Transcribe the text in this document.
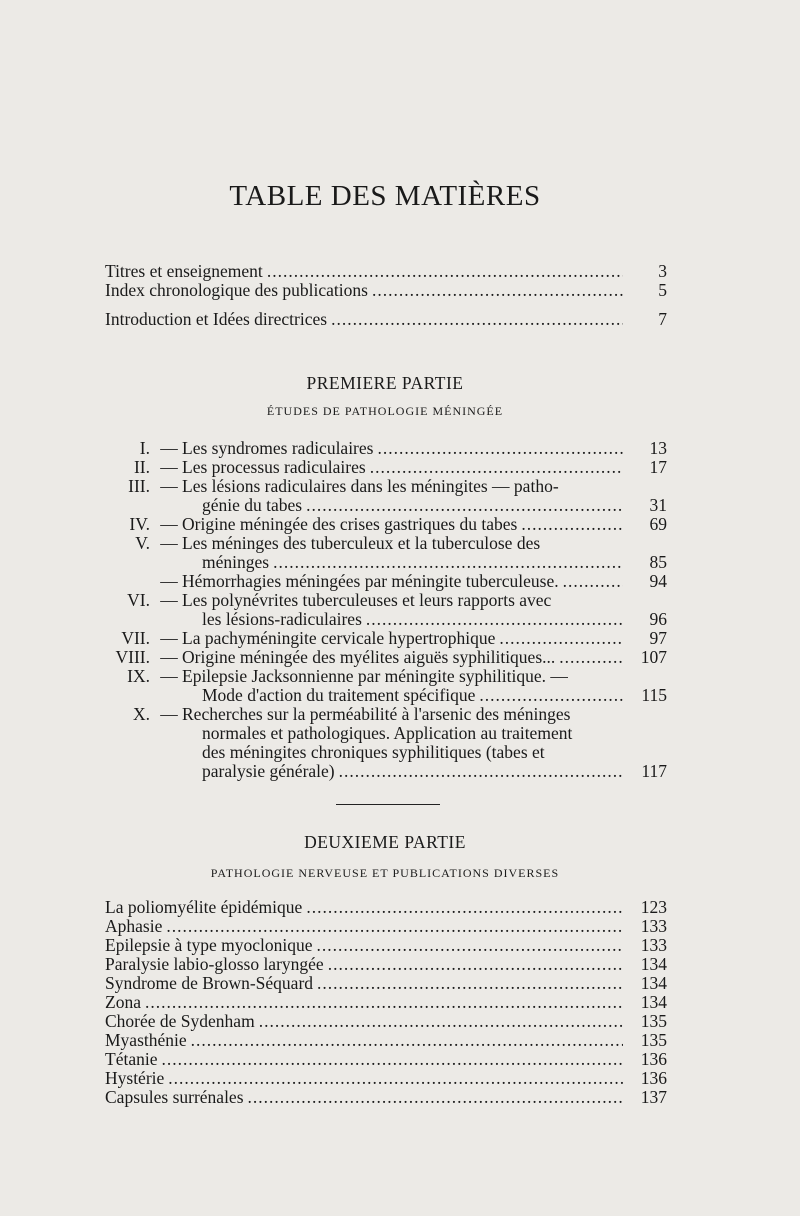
TABLE DES MATIÈRES
Titres et enseignement .....	3
Index chronologique des publications .....	5
Introduction et Idées directrices .....	7
PREMIERE PARTIE
ÉTUDES DE PATHOLOGIE MÉNINGÉE
I. — Les syndromes radiculaires .....	13
II. — Les processus radiculaires .....	17
III. — Les lésions radiculaires dans les méningites — patho-
génie du tabes .....	31
IV. — Origine méningée des crises gastriques du tabes .....	69
V. — Les méninges des tuberculeux et la tuberculose des
méninges .....	85
— Hémorrhagies méningées par méningite tuberculeuse. .....	94
VI. — Les polynévrites tuberculeuses et leurs rapports avec
les lésions-radiculaires .....	96
VII. — La pachyméningite cervicale hypertrophique .....	97
VIII. — Origine méningée des myélites aiguës syphilitiques... .....	107
IX. — Epilepsie Jacksonnienne par méningite syphilitique. —
Mode d'action du traitement spécifique .....	115
X. — Recherches sur la perméabilité à l'arsenic des méninges
normales et pathologiques. Application au traitement
des méningites chroniques syphilitiques (tabes et
paralysie générale) .....	117
DEUXIEME PARTIE
PATHOLOGIE NERVEUSE ET PUBLICATIONS DIVERSES
La poliomyélite épidémique .....	123
Aphasie .....	133
Epilepsie à type myoclonique .....	133
Paralysie labio-glosso laryngée .....	134
Syndrome de Brown-Séquard .....	134
Zona .....	134
Chorée de Sydenham .....	135
Myasthénie .....	135
Tétanie .....	136
Hystérie .....	136
Capsules surrénales .....	137
